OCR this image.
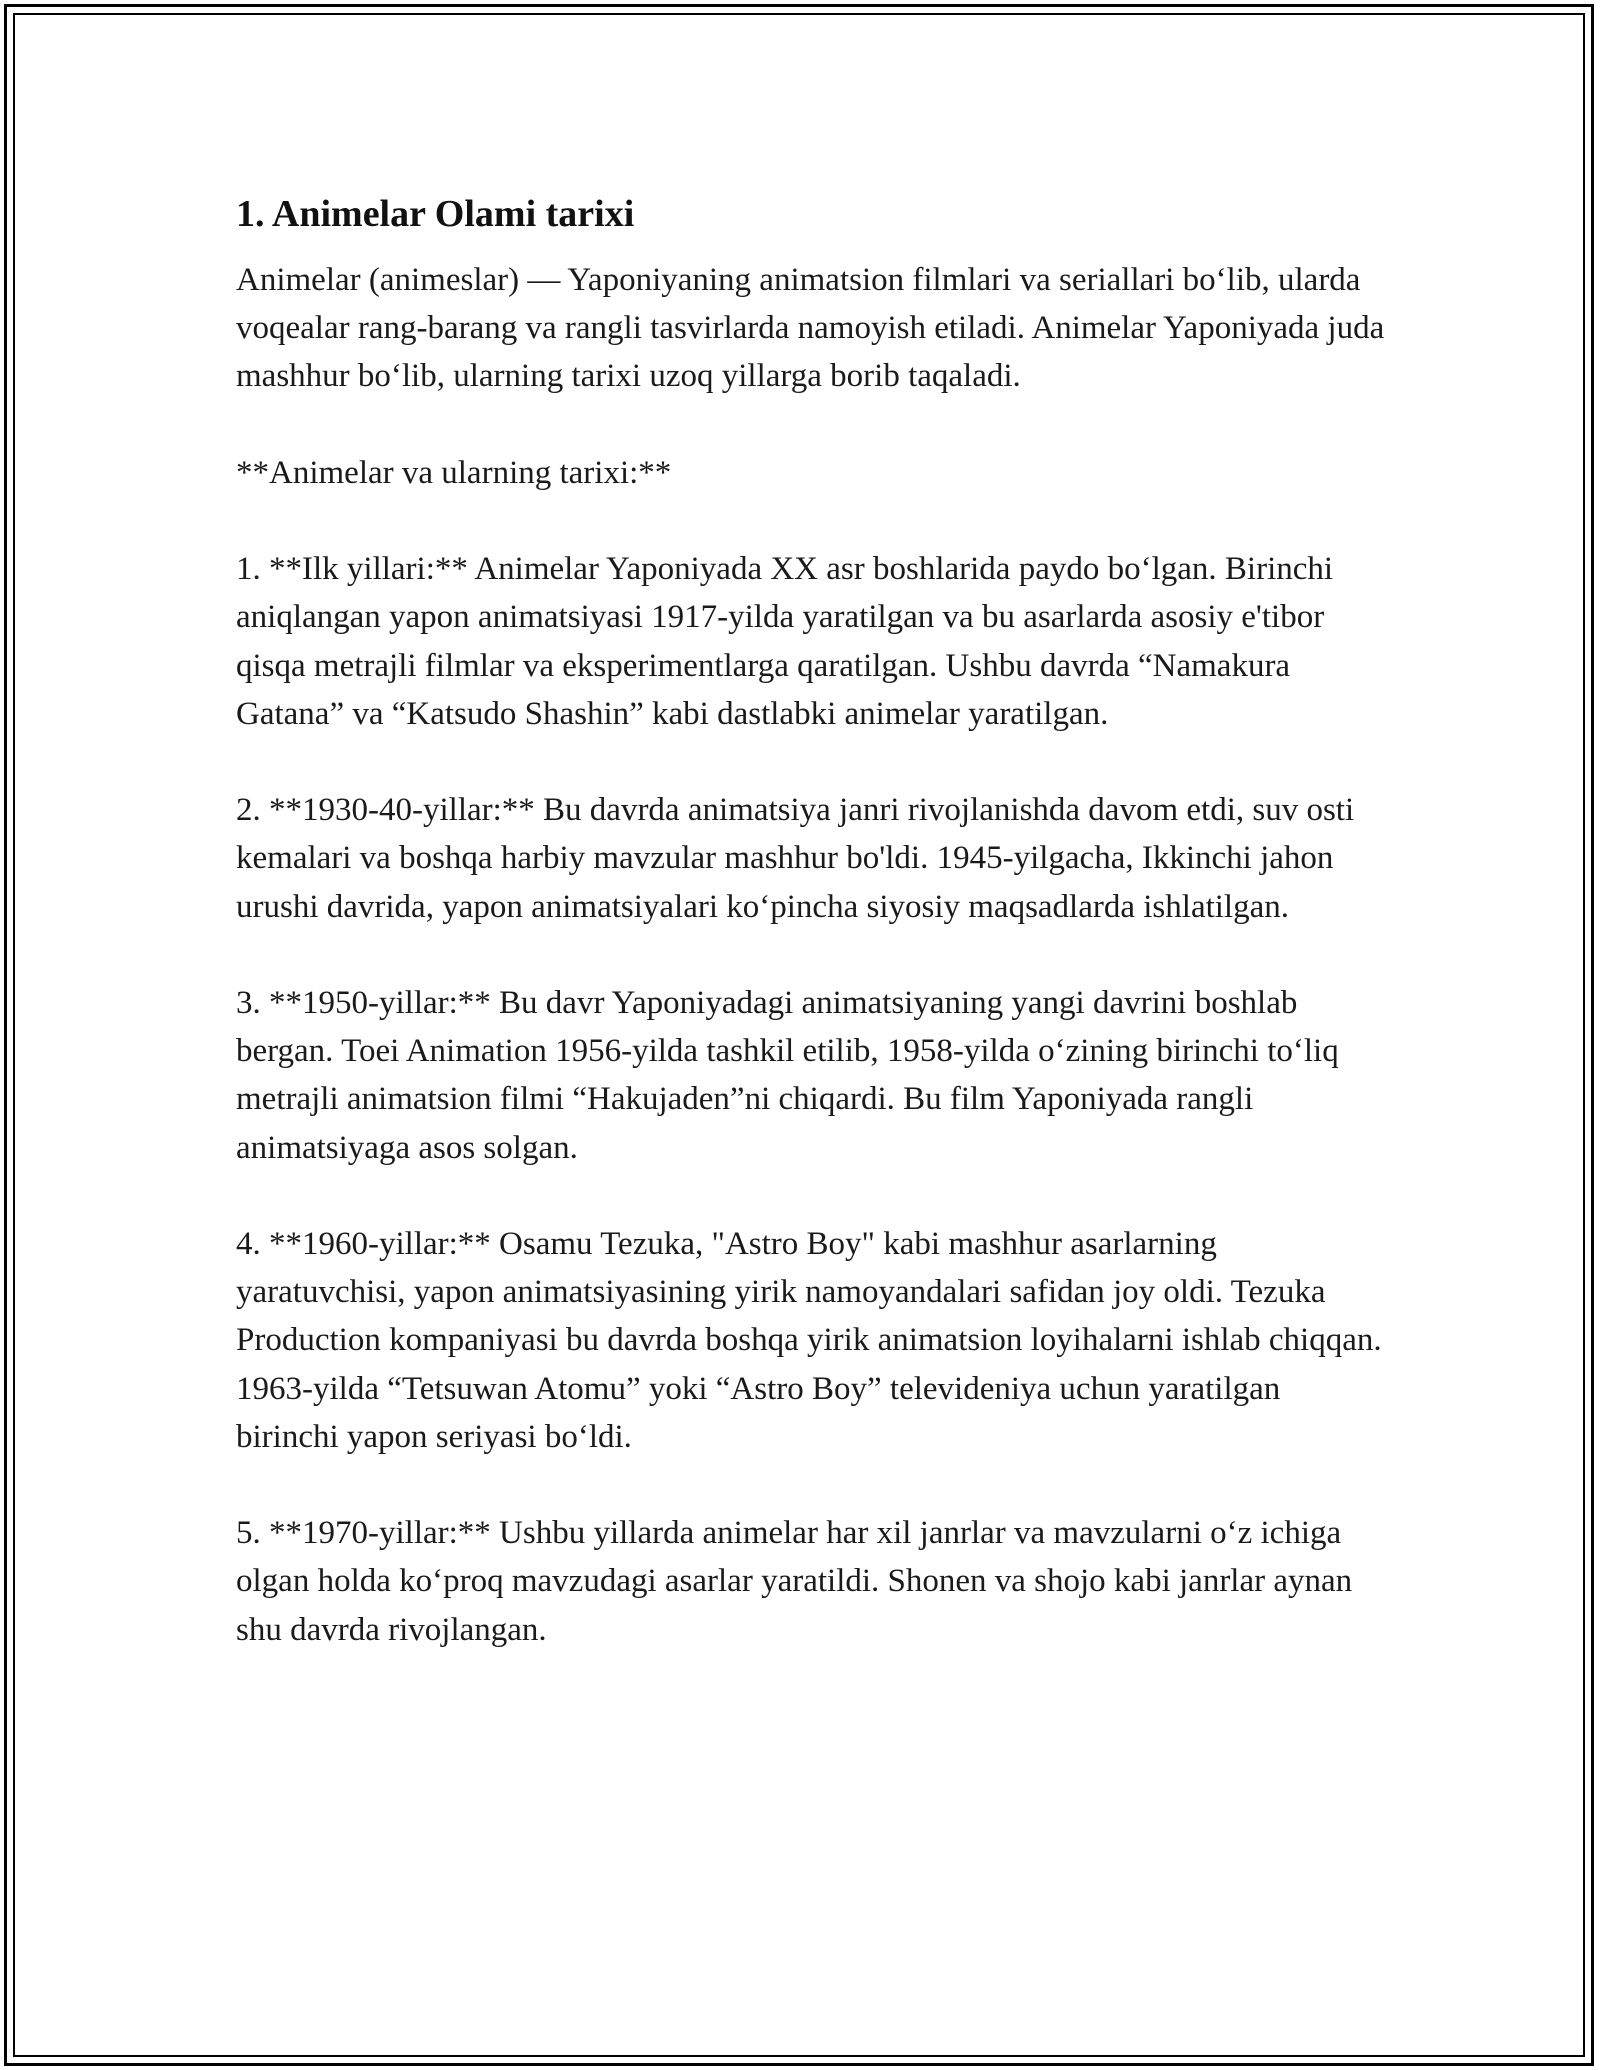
1. Animelar Olami tarixi

Animelar (animeslar) — Yaponiyaning animatsion filmlari va seriallari bo‘lib, ularda voqealar rang-barang va rangli tasvirlarda namoyish etiladi. Animelar Yaponiyada juda mashhur bo‘lib, ularning tarixi uzoq yillarga borib taqaladi.

**Animelar va ularning tarixi:**

1. **Ilk yillari:** Animelar Yaponiyada XX asr boshlarida paydo bo‘lgan. Birinchi aniqlangan yapon animatsiyasi 1917-yilda yaratilgan va bu asarlarda asosiy e'tibor qisqa metrajli filmlar va eksperimentlarga qaratilgan. Ushbu davrda “Namakura Gatana” va “Katsudo Shashin” kabi dastlabki animelar yaratilgan.

2. **1930-40-yillar:** Bu davrda animatsiya janri rivojlanishda davom etdi, suv osti kemalari va boshqa harbiy mavzular mashhur bo'ldi. 1945-yilgacha, Ikkinchi jahon urushi davrida, yapon animatsiyalari ko‘pincha siyosiy maqsadlarda ishlatilgan.

3. **1950-yillar:** Bu davr Yaponiyadagi animatsiyaning yangi davrini boshlab bergan. Toei Animation 1956-yilda tashkil etilib, 1958-yilda o‘zining birinchi to‘liq metrajli animatsion filmi “Hakujaden”ni chiqardi. Bu film Yaponiyada rangli animatsiyaga asos solgan.

4. **1960-yillar:** Osamu Tezuka, "Astro Boy" kabi mashhur asarlarning yaratuvchisi, yapon animatsiyasining yirik namoyandalari safidan joy oldi. Tezuka Production kompaniyasi bu davrda boshqa yirik animatsion loyihalarni ishlab chiqqan. 1963-yilda “Tetsuwan Atomu” yoki “Astro Boy” televideniya uchun yaratilgan birinchi yapon seriyasi bo‘ldi.

5. **1970-yillar:** Ushbu yillarda animelar har xil janrlar va mavzularni o‘z ichiga olgan holda ko‘proq mavzudagi asarlar yaratildi. Shonen va shojo kabi janrlar aynan shu davrda rivojlangan.
